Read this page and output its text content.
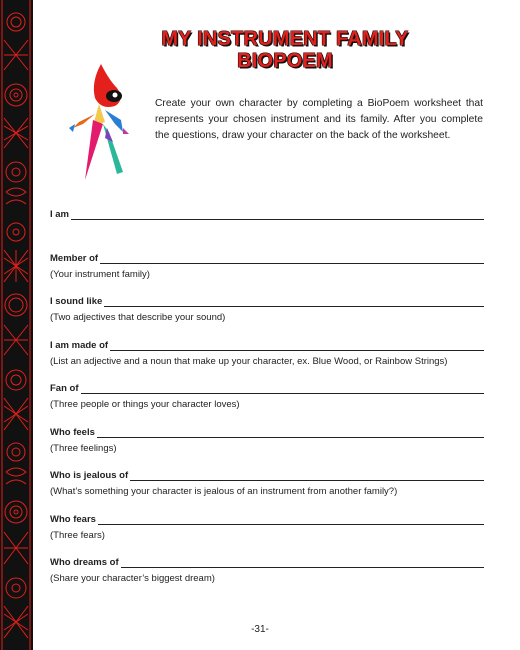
MY INSTRUMENT FAMILY
BIOPOEM
Create your own character by completing a BioPoem worksheet that represents your chosen instrument and its family. After you complete the questions, draw your character on the back of the worksheet.
I am
Member of
(Your instrument family)
I sound like
(Two adjectives that describe your sound)
I am made of
(List an adjective and a noun that make up your character, ex. Blue Wood, or Rainbow Strings)
Fan of
(Three people or things your character loves)
Who feels
(Three feelings)
Who is jealous of
(What’s something your character is jealous of an instrument from another family?)
Who fears
(Three fears)
Who dreams of
(Share your character’s biggest dream)
-31-
